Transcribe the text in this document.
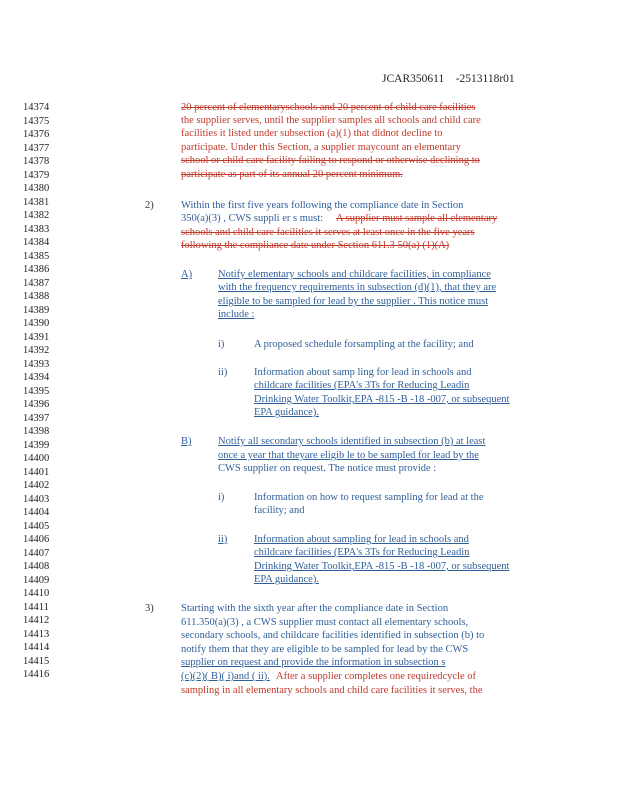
JCAR350611    -2513118r01
14374
14375
14376
14377
14378
14379
14380
14381
14382
14383
14384
14385
14386
14387
14388
14389
14390
14391
14392
14393
14394
14395
14396
14397
14398
14399
14400
14401
14402
14403
14404
14405
14406
14407
14408
14409
14410
14411
14412
14413
14414
14415
14416
20 percent of elementaryschools and 20 percent of child care facilities
the supplier serves, until the supplier samples all schools and child care
facilities it listed under subsection (a)(1) that didnot decline to
participate. Under this Section, a supplier maycount an elementary
school or child care facility failing to respond or otherwise declining to
participate as part of its annual 20 percent minimum.
2)	Within the first five years following the compliance date in Section
350(a)(3) , CWS suppli er s must: A supplier must sample all elementary
schools and child care facilities it serves at least once in the five years
following the compliance date under Section 611.3 50(a) (1)(A)
A) Notify elementary schools and childcare facilities, in compliance
with the frequency requirements in subsection (d)(1), that they are
eligible to be sampled for lead by the supplier . This notice must
include :
i)	A proposed schedule forsampling at the facility; and
ii)	Information about samp ling for lead in schools and
childcare facilities (EPA's 3Ts for Reducing Leadin
Drinking Water Toolkit,EPA -815 -B -18 -007, or subsequent
EPA guidance).
B)	Notify all secondary schools identified in subsection (b) at least
once a year that theyare eligib le to be sampled for lead by the
CWS supplier on request. The notice must provide :
i)	Information on how to request sampling for lead at the
facility; and
ii)	Information about sampling for lead in schools and
childcare facilities (EPA's 3Ts for Reducing Leadin
Drinking Water Toolkit,EPA -815 -B -18 -007, or subsequent
EPA guidance).
3)	Starting with the sixth year after the compliance date in Section
611.350(a)(3) , a CWS supplier must contact all elementary schools,
secondary schools, and childcare facilities identified in subsection (b) to
notify them that they are eligible to be sampled for lead by the CWS
supplier on request and provide the information in subsection s
(c)(2)( B)( i)and ( ii). After a supplier completes one requiredcycle of
sampling in all elementary schools and child care facilities it serves, the
